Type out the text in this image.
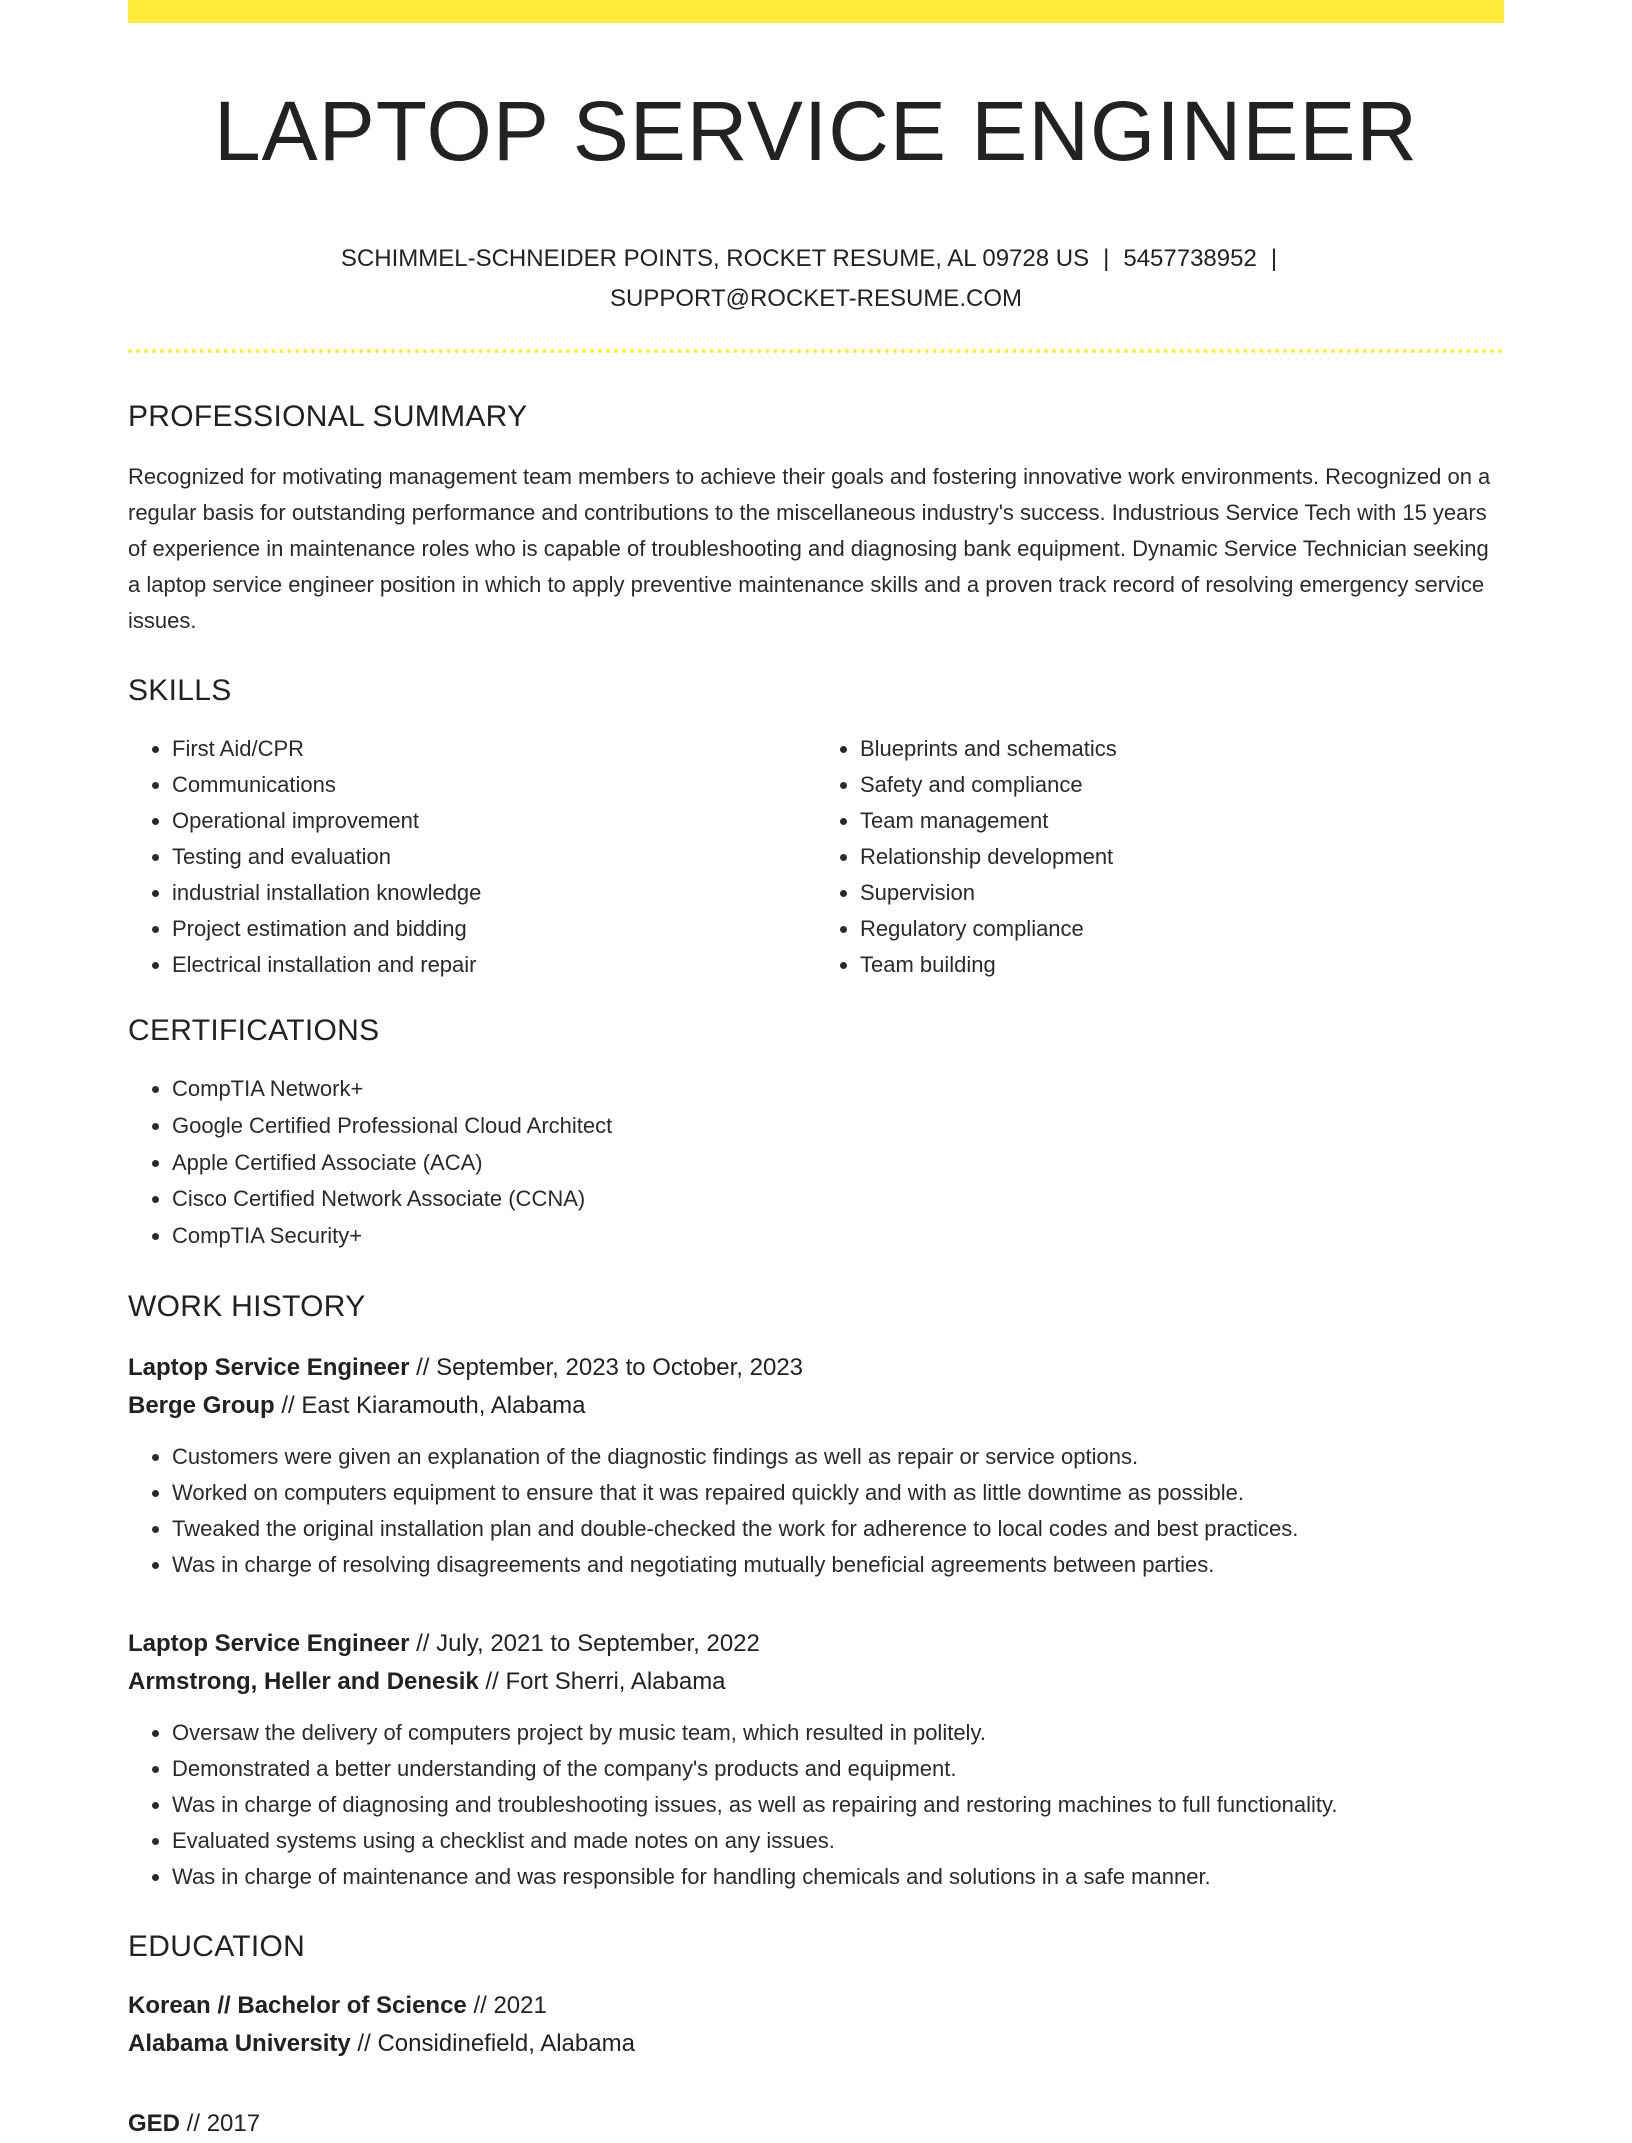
LAPTOP SERVICE ENGINEER
SCHIMMEL-SCHNEIDER POINTS, ROCKET RESUME, AL 09728 US | 5457738952 |
SUPPORT@ROCKET-RESUME.COM
PROFESSIONAL SUMMARY
Recognized for motivating management team members to achieve their goals and fostering innovative work environments. Recognized on a regular basis for outstanding performance and contributions to the miscellaneous industry's success. Industrious Service Tech with 15 years of experience in maintenance roles who is capable of troubleshooting and diagnosing bank equipment. Dynamic Service Technician seeking a laptop service engineer position in which to apply preventive maintenance skills and a proven track record of resolving emergency service issues.
SKILLS
• First Aid/CPR
• Communications
• Operational improvement
• Testing and evaluation
• industrial installation knowledge
• Project estimation and bidding
• Electrical installation and repair
• Blueprints and schematics
• Safety and compliance
• Team management
• Relationship development
• Supervision
• Regulatory compliance
• Team building
CERTIFICATIONS
• CompTIA Network+
• Google Certified Professional Cloud Architect
• Apple Certified Associate (ACA)
• Cisco Certified Network Associate (CCNA)
• CompTIA Security+
WORK HISTORY
Laptop Service Engineer // September, 2023 to October, 2023
Berge Group // East Kiaramouth, Alabama
• Customers were given an explanation of the diagnostic findings as well as repair or service options.
• Worked on computers equipment to ensure that it was repaired quickly and with as little downtime as possible.
• Tweaked the original installation plan and double-checked the work for adherence to local codes and best practices.
• Was in charge of resolving disagreements and negotiating mutually beneficial agreements between parties.
Laptop Service Engineer // July, 2021 to September, 2022
Armstrong, Heller and Denesik // Fort Sherri, Alabama
• Oversaw the delivery of computers project by music team, which resulted in politely.
• Demonstrated a better understanding of the company's products and equipment.
• Was in charge of diagnosing and troubleshooting issues, as well as repairing and restoring machines to full functionality.
• Evaluated systems using a checklist and made notes on any issues.
• Was in charge of maintenance and was responsible for handling chemicals and solutions in a safe manner.
EDUCATION
Korean // Bachelor of Science // 2021
Alabama University // Considinefield, Alabama
GED // 2017
